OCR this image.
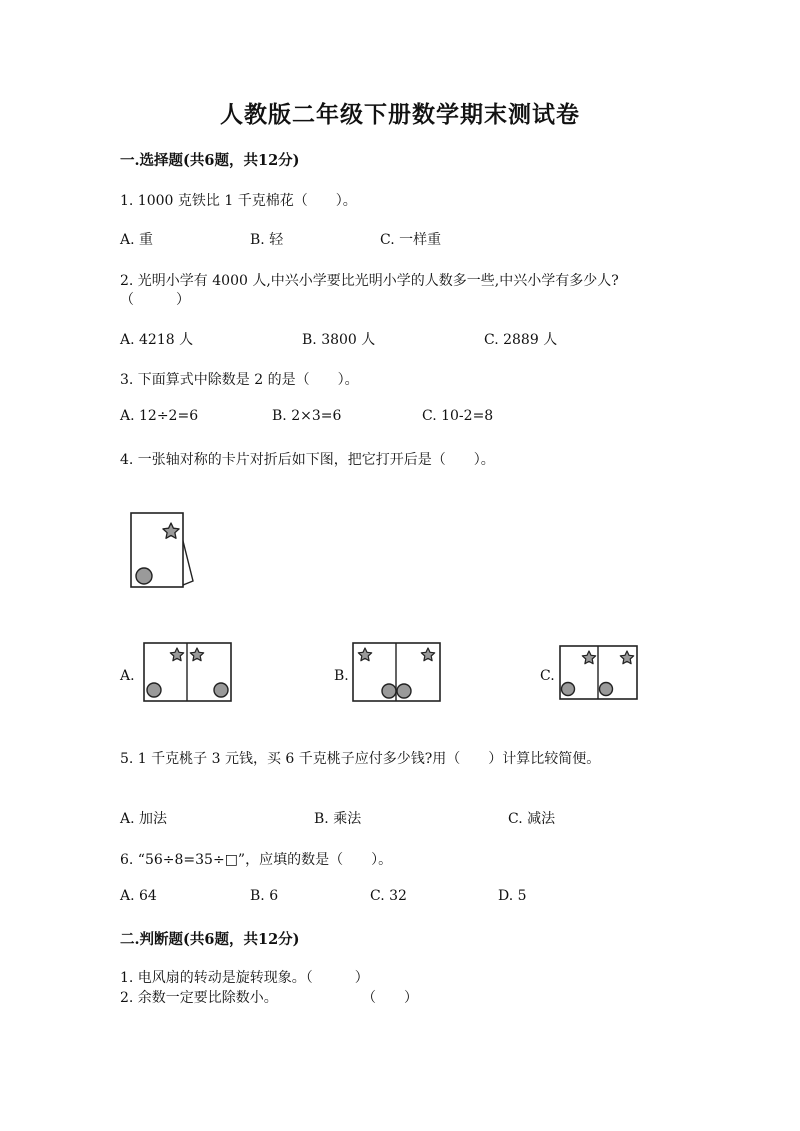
人教版二年级下册数学期末测试卷
一.选择题(共6题，共12分)
1. 1000 克铁比 1 千克棉花（　　）。
A. 重	B. 轻	C. 一样重
2. 光明小学有 4000 人,中兴小学要比光明小学的人数多一些,中兴小学有多少人?
（　　　）
A. 4218 人	B. 3800 人	C. 2889 人
3. 下面算式中除数是 2 的是（　　）。
A. 12÷2=6	B. 2×3=6	C. 10-2=8
4. 一张轴对称的卡片对折后如下图，把它打开后是（　　）。
A.	B.	C.
5. 1 千克桃子 3 元钱，买 6 千克桃子应付多少钱?用（　　）计算比较简便。
A. 加法	B. 乘法	C. 减法
6. “56÷8=35÷□”，应填的数是（　　）。
A. 64	B. 6	C. 32	D. 5
二.判断题(共6题，共12分)
1. 电风扇的转动是旋转现象。（　　　）
2. 余数一定要比除数小。	（　　）
